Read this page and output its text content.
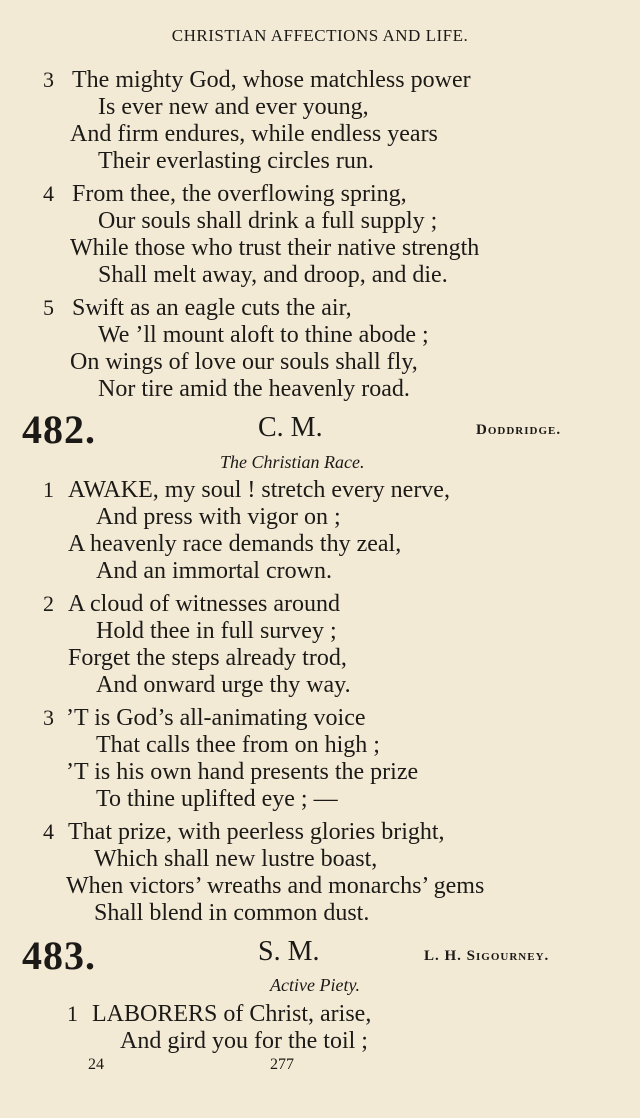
CHRISTIAN AFFECTIONS AND LIFE.
3 The mighty God, whose matchless power
Is ever new and ever young,
And firm endures, while endless years
Their everlasting circles run.
4 From thee, the overflowing spring,
Our souls shall drink a full supply ;
While those who trust their native strength
Shall melt away, and droop, and die.
5 Swift as an eagle cuts the air,
We ’ll mount aloft to thine abode ;
On wings of love our souls shall fly,
Nor tire amid the heavenly road.
482.	C. M.	Doddridge.
The Christian Race.
1 AWAKE, my soul ! stretch every nerve,
And press with vigor on ;
A heavenly race demands thy zeal,
And an immortal crown.
2 A cloud of witnesses around
Hold thee in full survey ;
Forget the steps already trod,
And onward urge thy way.
3 ’T is God’s all-animating voice
That calls thee from on high ;
’T is his own hand presents the prize
To thine uplifted eye ; —
4 That prize, with peerless glories bright,
Which shall new lustre boast,
When victors’ wreaths and monarchs’ gems
Shall blend in common dust.
483.	S. M.	L. H. Sigourney.
Active Piety.
1 LABORERS of Christ, arise,
And gird you for the toil ;
24	277
